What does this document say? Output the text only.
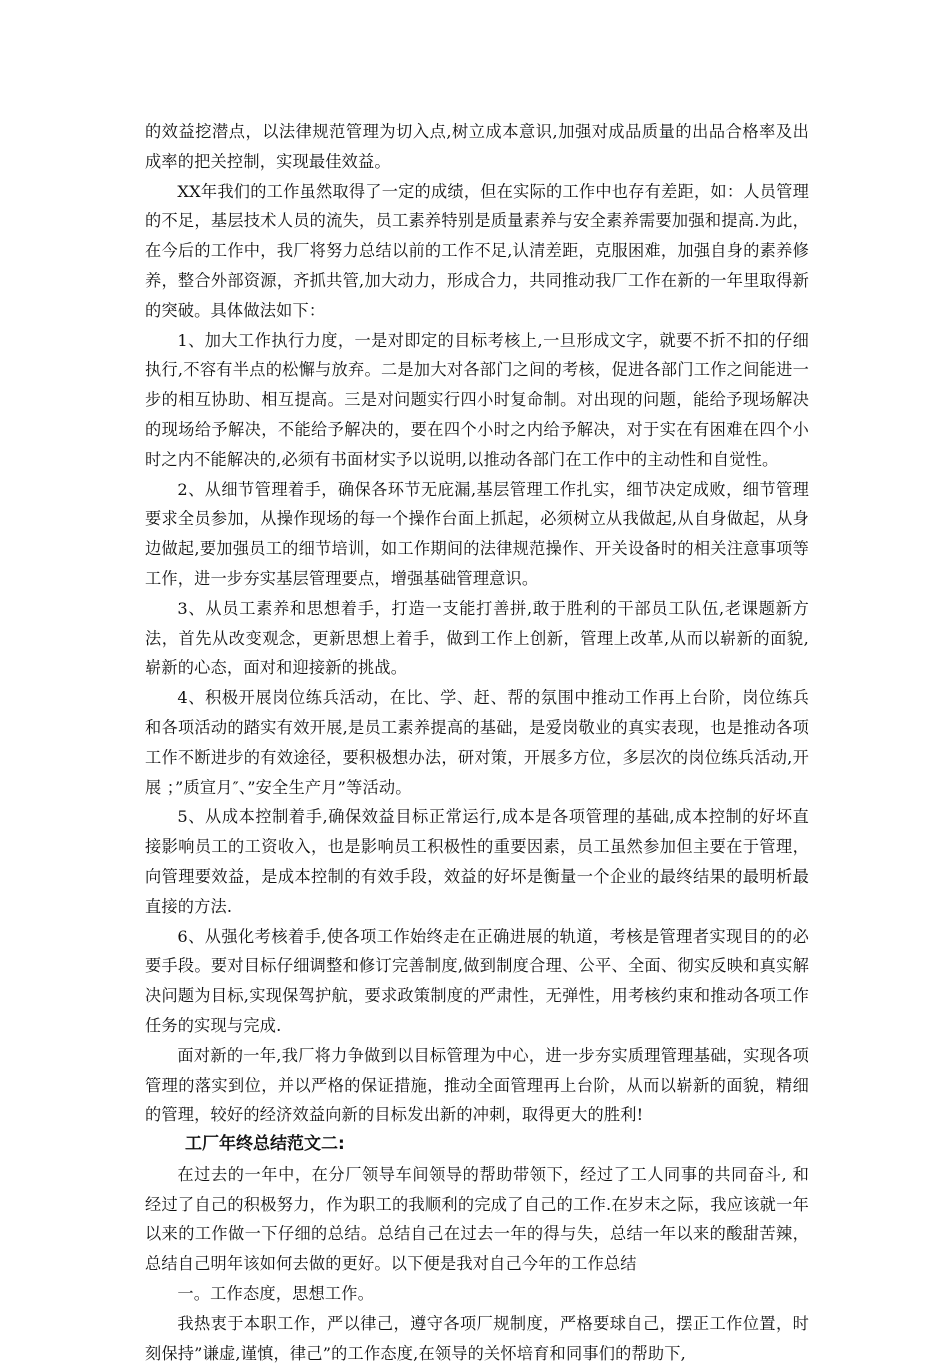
的效益挖潜点，以法律规范管理为切入点,树立成本意识,加强对成品质量的出品合格率及出成率的把关控制，实现最佳效益。

XX年我们的工作虽然取得了一定的成绩，但在实际的工作中也存有差距，如：人员管理的不足，基层技术人员的流失，员工素养特别是质量素养与安全素养需要加强和提高.为此，在今后的工作中，我厂将努力总结以前的工作不足,认清差距，克服困难，加强自身的素养修养，整合外部资源，齐抓共管,加大动力，形成合力，共同推动我厂工作在新的一年里取得新的突破。具体做法如下：

1、加大工作执行力度，一是对即定的目标考核上,一旦形成文字，就要不折不扣的仔细执行,不容有半点的松懈与放弃。二是加大对各部门之间的考核，促进各部门工作之间能进一步的相互协助、相互提高。三是对问题实行四小时复命制。对出现的问题，能给予现场解决的现场给予解决，不能给予解决的，要在四个小时之内给予解决，对于实在有困难在四个小时之内不能解决的,必须有书面材实予以说明,以推动各部门在工作中的主动性和自觉性。

2、从细节管理着手，确保各环节无庇漏,基层管理工作扎实，细节决定成败，细节管理要求全员参加，从操作现场的每一个操作台面上抓起，必须树立从我做起,从自身做起，从身边做起,要加强员工的细节培训，如工作期间的法律规范操作、开关设备时的相关注意事项等工作，进一步夯实基层管理要点，增强基础管理意识。

3、从员工素养和思想着手，打造一支能打善拼,敢于胜利的干部员工队伍,老课题新方法，首先从改变观念，更新思想上着手，做到工作上创新，管理上改革,从而以崭新的面貌,崭新的心态，面对和迎接新的挑战。

4、积极开展岗位练兵活动，在比、学、赶、帮的氛围中推动工作再上台阶，岗位练兵和各项活动的踏实有效开展,是员工素养提高的基础，是爱岗敬业的真实表现，也是推动各项工作不断进步的有效途径，要积极想办法，研对策，开展多方位，多层次的岗位练兵活动,开展 ；”质宣月″、”安全生产月”等活动。

5、从成本控制着手,确保效益目标正常运行,成本是各项管理的基础,成本控制的好坏直接影响员工的工资收入，也是影响员工积极性的重要因素，员工虽然参加但主要在于管理，向管理要效益，是成本控制的有效手段，效益的好坏是衡量一个企业的最终结果的最明析最直接的方法.

6、从强化考核着手,使各项工作始终走在正确进展的轨道，考核是管理者实现目的的必要手段。要对目标仔细调整和修订完善制度,做到制度合理、公平、全面、彻实反映和真实解决问题为目标,实现保驾护航，要求政策制度的严肃性，无弹性，用考核约束和推动各项工作任务的实现与完成.

面对新的一年,我厂将力争做到以目标管理为中心，进一步夯实质理管理基础，实现各项管理的落实到位，并以严格的保证措施，推动全面管理再上台阶，从而以崭新的面貌，精细的管理，较好的经济效益向新的目标发出新的冲刺，取得更大的胜利!

工厂年终总结范文二:

在过去的一年中，在分厂领导车间领导的帮助带领下，经过了工人同事的共同奋斗, 和经过了自己的积极努力，作为职工的我顺利的完成了自己的工作.在岁末之际，我应该就一年以来的工作做一下仔细的总结。总结自己在过去一年的得与失，总结一年以来的酸甜苦辣，总结自己明年该如何去做的更好。以下便是我对自己今年的工作总结

一。工作态度，思想工作。

我热衷于本职工作，严以律己，遵守各项厂规制度，严格要球自己，摆正工作位置，时刻保持”谦虚,谨慎，律己”的工作态度,在领导的关怀培育和同事们的帮助下,
